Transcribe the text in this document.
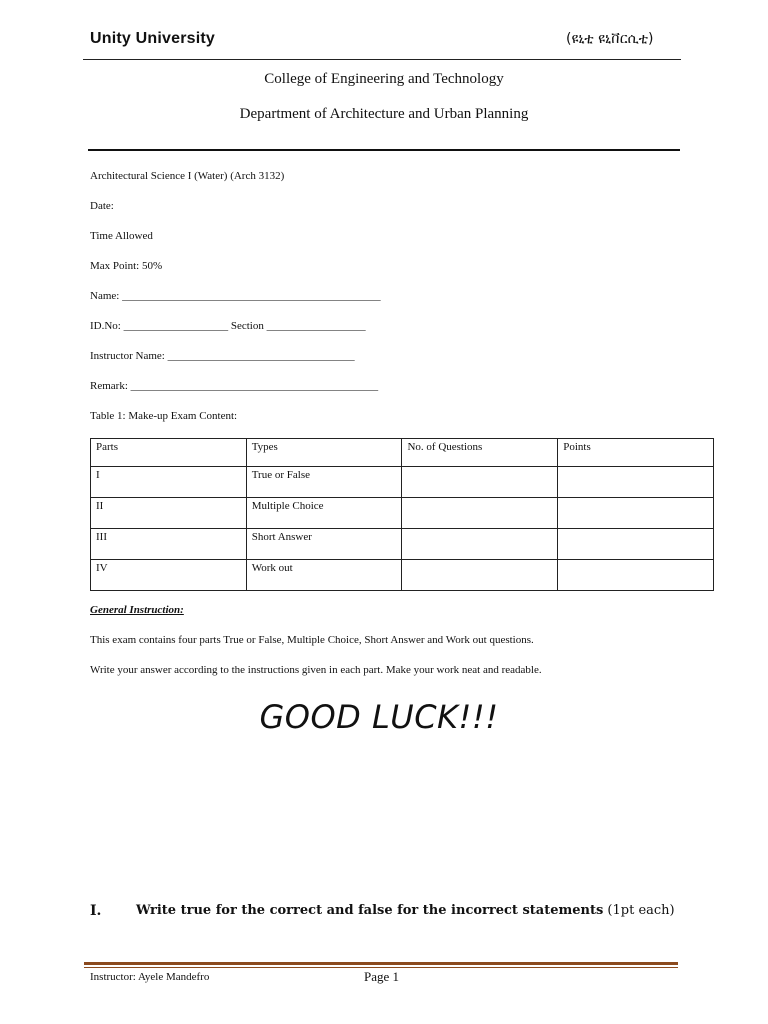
Unity University	(ዩኒቲ ዩኒቨርሲቲ)
College of Engineering and Technology
Department of Architecture and Urban Planning
Architectural Science I (Water) (Arch 3132)
Date:
Time Allowed
Max Point: 50%
Name: _______________________________________________
ID.No: ___________________ Section __________________
Instructor Name: __________________________________
Remark: _____________________________________________
Table 1: Make-up Exam Content:
Parts	Types	No. of Questions	Points
I	True or False		
II	Multiple Choice		
III	Short Answer		
IV	Work out		
General Instruction:
This exam contains four parts True or False, Multiple Choice, Short Answer and Work out questions.
Write your answer according to the instructions given in each part. Make your work neat and readable.
GOOD LUCK!!!
I.	Write true for the correct and false for the incorrect statements (1pt each)
Instructor: Ayele Mandefro	Page 1
